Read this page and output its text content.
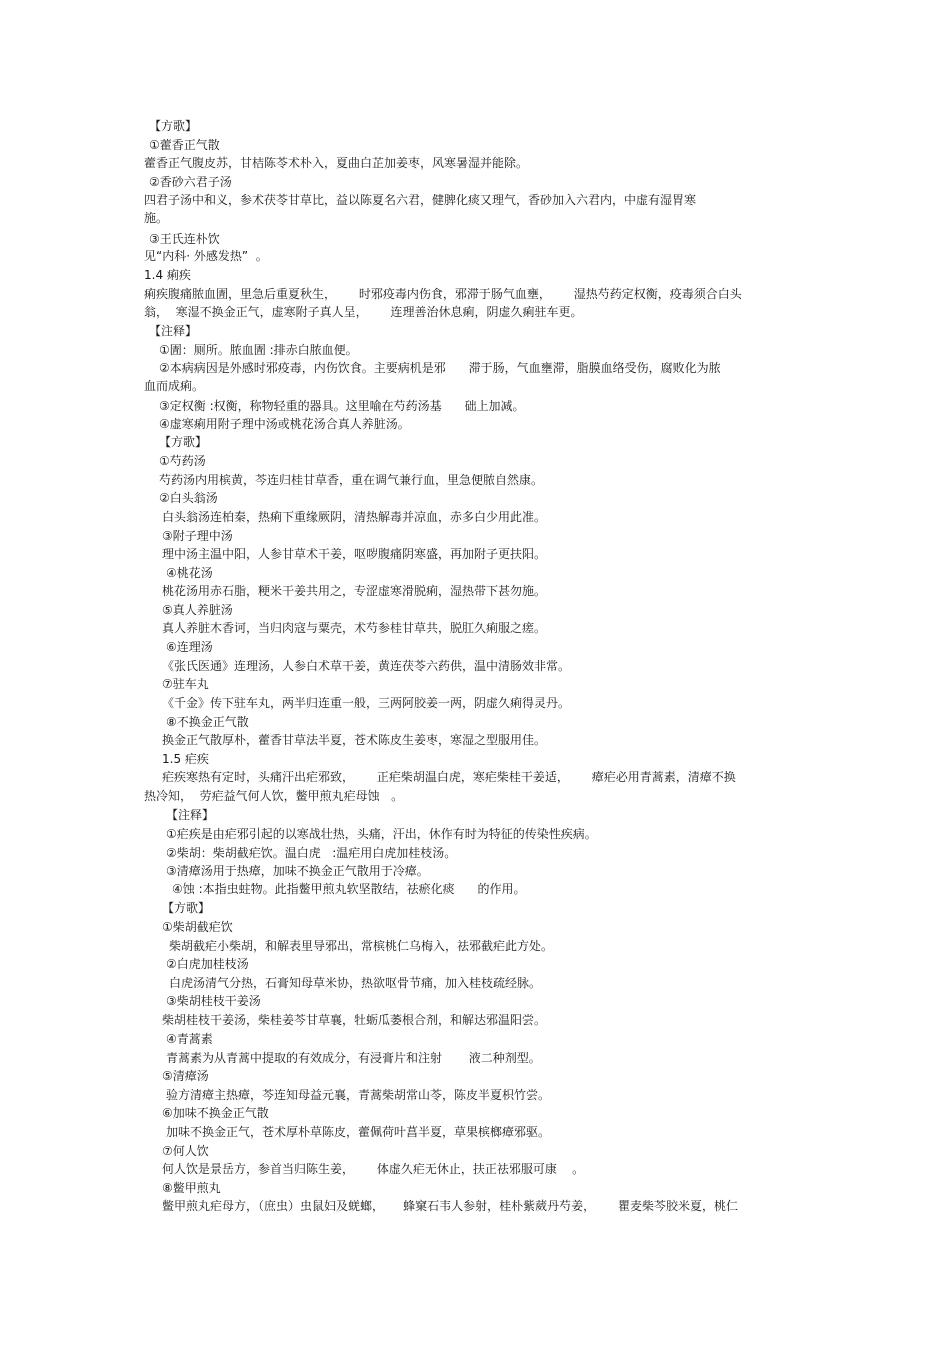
【方歌】
①藿香正气散
藿香正气腹皮苏，甘桔陈苓术朴入，夏曲白芷加姜枣，风寒暑湿并能除。
②香砂六君子汤
四君子汤中和义，参术茯苓甘草比，益以陈夏名六君，健脾化痰又理气，香砂加入六君内，中虚有湿胃寒
施。
③王氏连朴饮
见“内科· 外感发热”  。
1.4 痢疾
痢疾腹痛脓血圊，里急后重夏秋生，      时邪疫毒内伤食，邪滞于肠气血壅，      湿热芍药定权衡，疫毒须合白头
翁，  寒湿不换金正气，虚寒附子真人呈，      连理善治休息痢，阴虚久痢驻车更。
【注释】
①圊：厕所。脓血圊 :排赤白脓血便。
②本病病因是外感时邪疫毒，内伤饮食。主要病机是邪      滞于肠，气血壅滞，脂膜血络受伤，腐败化为脓
血而成痢。
③定权衡 :权衡，称物轻重的器具。这里喻在芍药汤基      础上加减。
④虚寒痢用附子理中汤或桃花汤合真人养脏汤。
【方歌】
①芍药汤
芍药汤内用槟黄，芩连归桂甘草香，重在调气兼行血，里急便脓自然康。
②白头翁汤
白头翁汤连柏秦，热痢下重缘厥阴，清热解毒并凉血，赤多白少用此准。
③附子理中汤
理中汤主温中阳，人参甘草术干姜，呕哕腹痛阴寒盛，再加附子更扶阳。
④桃花汤
桃花汤用赤石脂，粳米干姜共用之，专涩虚寒滑脱痢，湿热带下甚勿施。
⑤真人养脏汤
真人养脏木香诃，当归肉寇与粟壳，术芍参桂甘草共，脱肛久痢服之瘥。
⑥连理汤
《张氏医通》连理汤，人参白术草干姜，黄连茯苓六药供，温中清肠效非常。
⑦驻车丸
《千金》传下驻车丸，两半归连重一般，三两阿胶姜一两，阴虚久痢得灵丹。
⑧不换金正气散
换金正气散厚朴，藿香甘草法半夏，苍术陈皮生姜枣，寒湿之型服用佳。
1.5 疟疾
疟疾寒热有定时，头痛汗出疟邪致，      正疟柴胡温白虎，寒疟柴桂干姜适，      瘴疟必用青蒿素，清瘴不换
热冷知，  劳疟益气何人饮，鳖甲煎丸疟母蚀   。
【注释】
①疟疾是由疟邪引起的以寒战壮热，头痛，汗出，休作有时为特征的传染性疾病。
②柴胡：柴胡截疟饮。温白虎   :温疟用白虎加桂枝汤。
③清瘴汤用于热瘴，加味不换金正气散用于冷瘴。
④蚀 :本指虫蛀物。此指鳖甲煎丸软坚散结，祛瘀化痰      的作用。
【方歌】
①柴胡截疟饮
柴胡截疟小柴胡，和解表里导邪出，常槟桃仁乌梅入，祛邪截疟此方处。
②白虎加桂枝汤
白虎汤清气分热，石膏知母草米协，热欲呕骨节痛，加入桂枝疏经脉。
③柴胡桂枝干姜汤
柴胡桂枝干姜汤，柴桂姜芩甘草襄，牡蛎瓜萎根合剂，和解达邪温阳尝。
④青蒿素
青蒿素为从青蒿中提取的有效成分，有浸膏片和注射       液二种剂型。
⑤清瘴汤
验方清瘴主热瘴，芩连知母益元襄，青蒿柴胡常山苓，陈皮半夏枳竹尝。
⑥加味不换金正气散
加味不换金正气，苍术厚朴草陈皮，藿佩荷叶菖半夏，草果槟榔瘴邪驱。
⑦何人饮
何人饮是景岳方，参首当归陈生姜，      体虚久疟无休止，扶正祛邪服可康    。
⑧鳖甲煎丸
鳖甲煎丸疟母方，（庶虫）虫鼠妇及蜣螂，     蜂窠石韦人参射，桂朴紫葳丹芍姜，      瞿麦柴芩胶米夏，桃仁
